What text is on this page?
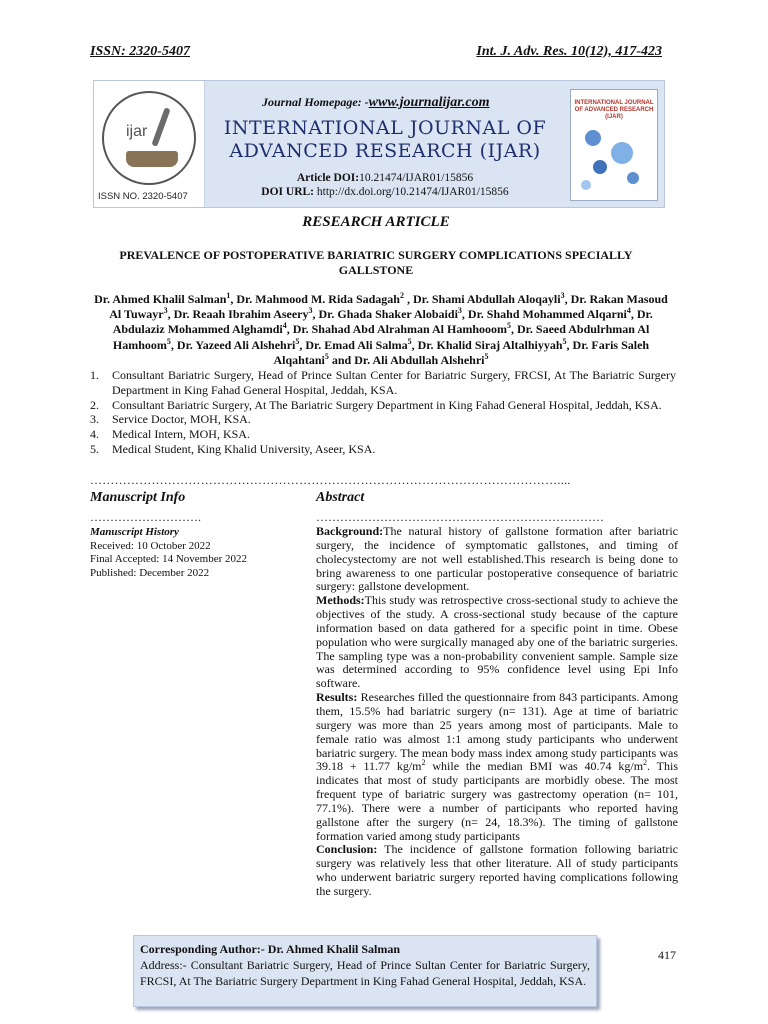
ISSN: 2320-5407	Int. J. Adv. Res. 10(12), 417-423
ijar
ISSN NO. 2320-5407
Journal Homepage: -www.journalijar.com
INTERNATIONAL JOURNAL OF
ADVANCED RESEARCH (IJAR)
Article DOI:10.21474/IJAR01/15856
DOI URL: http://dx.doi.org/10.21474/IJAR01/15856
INTERNATIONAL JOURNAL OF ADVANCED RESEARCH (IJAR)
RESEARCH ARTICLE
PREVALENCE OF POSTOPERATIVE BARIATRIC SURGERY COMPLICATIONS SPECIALLY GALLSTONE
Dr. Ahmed Khalil Salman$^1$, Dr. Mahmood M. Rida Sadagah$^2$ , Dr. Shami Abdullah Aloqayli$^3$, Dr. Rakan Masoud Al Tuwayr$^3$, Dr. Reaah Ibrahim Aseery$^3$, Dr. Ghada Shaker Alobaidi$^3$, Dr. Shahd Mohammed Alqarni$^4$, Dr. Abdulaziz Mohammed Alghamdi$^4$, Dr. Shahad Abd Alrahman Al Hamhooom$^5$, Dr. Saeed Abdulrhman Al Hamhoom$^5$, Dr. Yazeed Ali Alshehri$^5$, Dr. Emad Ali Salma$^5$, Dr. Khalid Siraj Altalhiyyah$^5$, Dr. Faris Saleh Alqahtani$^5$ and Dr. Ali Abdullah Alshehri$^5$
1. Consultant Bariatric Surgery, Head of Prince Sultan Center for Bariatric Surgery, FRCSI, At The Bariatric Surgery Department in King Fahad General Hospital, Jeddah, KSA.
2. Consultant Bariatric Surgery, At The Bariatric Surgery Department in King Fahad General Hospital, Jeddah, KSA.
3. Service Doctor, MOH, KSA.
4. Medical Intern, MOH, KSA.
5. Medical Student, King Khalid University, Aseer, KSA.
……………………………………………………………………………………………………....
Manuscript Info
……………………….
Manuscript History
Received: 10 October 2022
Final Accepted: 14 November 2022
Published: December 2022
Abstract
………………………………………………………………

Background:The natural history of gallstone formation after bariatric surgery, the incidence of symptomatic gallstones, and timing of cholecystectomy are not well established.This research is being done to bring awareness to one particular postoperative consequence of bariatric surgery: gallstone development.

Methods:This study was retrospective cross-sectional study to achieve the objectives of the study. A cross-sectional study because of the capture information based on data gathered for a specific point in time. Obese population who were surgically managed aby one of the bariatric surgeries. The sampling type was a non-probability convenient sample. Sample size was determined according to 95% confidence level using Epi Info software.

Results: Researches filled the questionnaire from 843 participants. Among them, 15.5% had bariatric surgery (n= 131). Age at time of bariatric surgery was more than 25 years among most of participants. Male to female ratio was almost 1:1 among study participants who underwent bariatric surgery. The mean body mass index among study participants was 39.18 + 11.77 $kg/m^2$ while the median BMI was 40.74 $kg/m^2$. This indicates that most of study participants are morbidly obese. The most frequent type of bariatric surgery was gastrectomy operation (n= 101, 77.1%). There were a number of participants who reported having gallstone after the surgery (n= 24, 18.3%). The timing of gallstone formation varied among study participants

Conclusion: The incidence of gallstone formation following bariatric surgery was relatively less that other literature. All of study participants who underwent bariatric surgery reported having complications following the surgery.

Corresponding Author:- Dr. Ahmed Khalil Salman
Address:- Consultant Bariatric Surgery, Head of Prince Sultan Center for Bariatric Surgery, FRCSI, At The Bariatric Surgery Department in King Fahad General Hospital, Jeddah, KSA.
417
